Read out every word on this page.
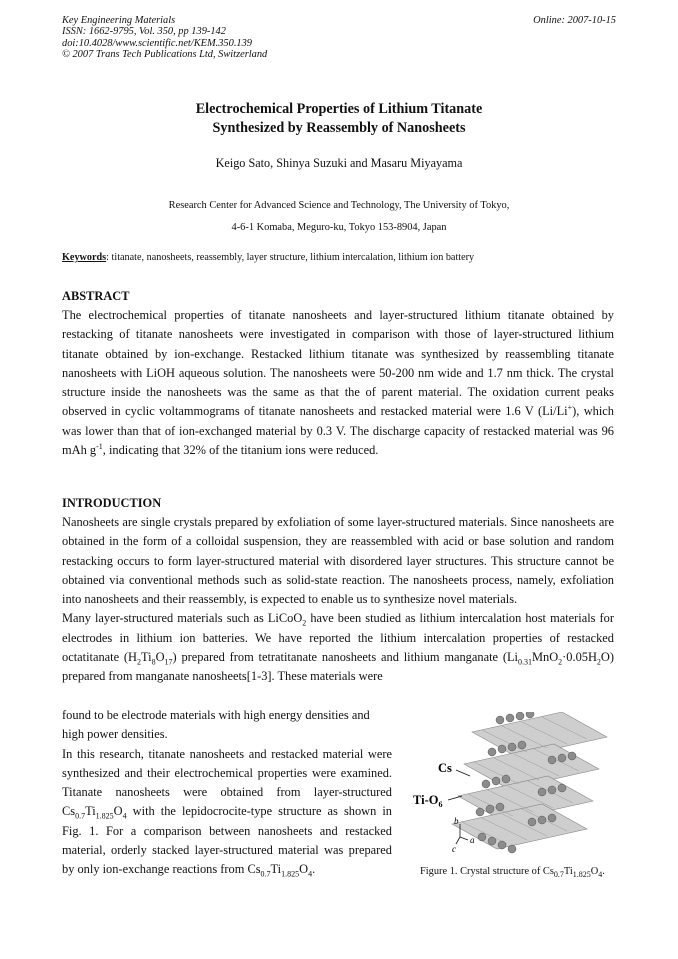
Key Engineering Materials
ISSN: 1662-9795, Vol. 350, pp 139-142
doi:10.4028/www.scientific.net/KEM.350.139
© 2007 Trans Tech Publications Ltd, Switzerland
Online: 2007-10-15
Electrochemical Properties of Lithium Titanate
Synthesized by Reassembly of Nanosheets
Keigo Sato, Shinya Suzuki and Masaru Miyayama
Research Center for Advanced Science and Technology, The University of Tokyo,
4-6-1 Komaba, Meguro-ku, Tokyo 153-8904, Japan
Keywords: titanate, nanosheets, reassembly, layer structure, lithium intercalation, lithium ion battery
ABSTRACT

The electrochemical properties of titanate nanosheets and layer-structured lithium titanate obtained by restacking of titanate nanosheets were investigated in comparison with those of layer-structured lithium titanate obtained by ion-exchange. Restacked lithium titanate was synthesized by reassembling titanate nanosheets with LiOH aqueous solution. The nanosheets were 50-200 nm wide and 1.7 nm thick. The crystal structure inside the nanosheets was the same as that the of parent material. The oxidation current peaks observed in cyclic voltammograms of titanate nanosheets and restacked material were 1.6 V (Li/Li+), which was lower than that of ion-exchanged material by 0.3 V. The discharge capacity of restacked material was 96 mAh $g^{-1}$, indicating that 32% of the titanium ions were reduced.

INTRODUCTION

Nanosheets are single crystals prepared by exfoliation of some layer-structured materials. Since nanosheets are obtained in the form of a colloidal suspension, they are reassembled with acid or base solution and random restacking occurs to form layer-structured material with disordered layer structures. This structure cannot be obtained via conventional methods such as solid-state reaction. The nanosheets process, namely, exfoliation into nanosheets and their reassembly, is expected to enable us to synthesize novel materials.

Many layer-structured materials such as LiCoO$_2$ have been studied as lithium intercalation host materials for electrodes in lithium ion batteries. We have reported the lithium intercalation properties of restacked octatitanate $(H_2Ti_8O_{17})$ prepared from tetratitanate nanosheets and lithium manganate $(Li_{0.31}MnO_2\cdot 0.05H_2O)$ prepared from manganate nanosheets[1-3]. These materials were

found to be electrode materials with high energy densities and high power densities.

In this research, titanate nanosheets and restacked material were synthesized and their electrochemical properties were examined. Titanate nanosheets were obtained from layer-structured $Cs_{0.7}Ti_{1.825}O_4$ with the lepidocrocite-type structure as shown in Fig. 1. For a comparison between nanosheets and restacked material, orderly stacked layer-structured material was prepared by only ion-exchange reactions from $Cs_{0.7}Ti_{1.825}O_4$.

Cs
$Ti-O_6$
b
a
c
Figure 1. Crystal structure of $Cs_{0.7}Ti_{1.825}O_4$.
